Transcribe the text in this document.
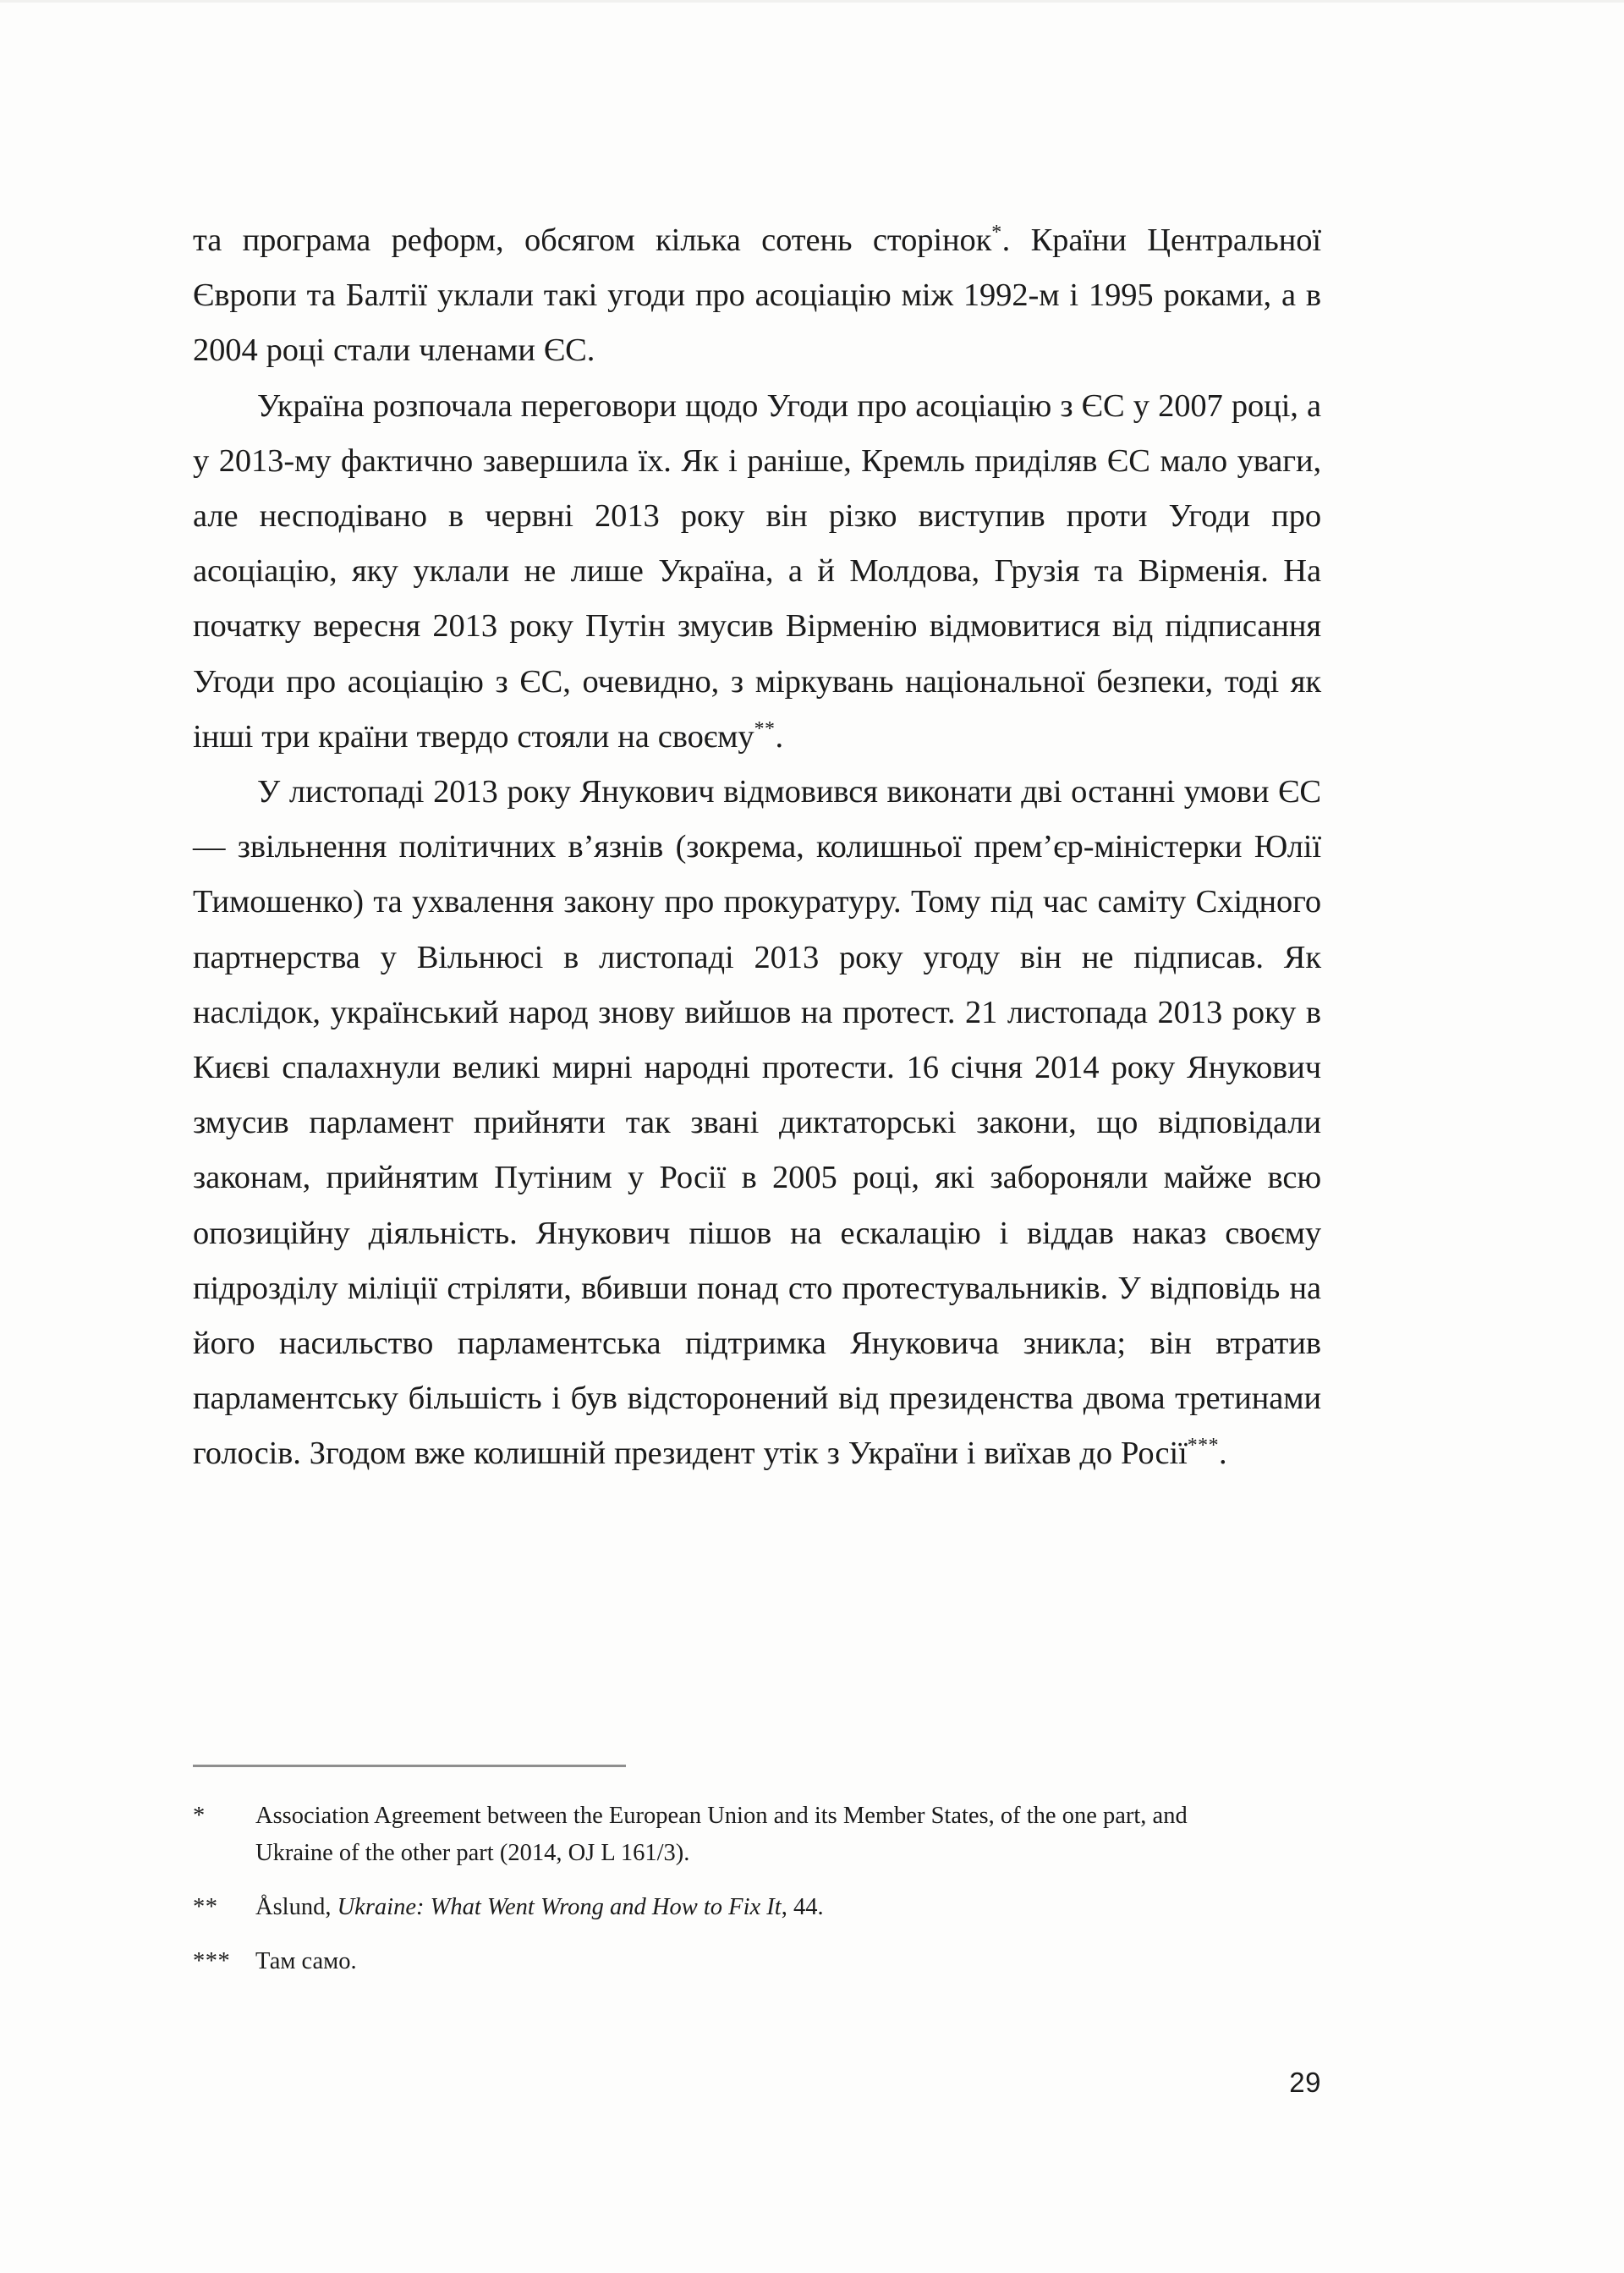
та програма реформ, обсягом кілька сотень сторінок*. Країни Центральної Європи та Балтії уклали такі угоди про асоціацію між 1992-м і 1995 роками, а в 2004 році стали членами ЄС.

Україна розпочала переговори щодо Угоди про асоціацію з ЄС у 2007 році, а у 2013-му фактично завершила їх. Як і раніше, Кремль приділяв ЄС мало уваги, але несподівано в червні 2013 року він різко виступив проти Угоди про асоціацію, яку уклали не лише Україна, а й Молдова, Грузія та Вірменія. На початку вересня 2013 року Путін змусив Вірменію відмовитися від підписання Угоди про асоціацію з ЄС, очевидно, з міркувань національної безпеки, тоді як інші три країни твердо стояли на своєму**.

У листопаді 2013 року Янукович відмовився виконати дві останні умови ЄС — звільнення політичних в’язнів (зокрема, колишньої прем’єр-міністерки Юлії Тимошенко) та ухвалення закону про прокуратуру. Тому під час саміту Східного партнерства у Вільнюсі в листопаді 2013 року угоду він не підписав. Як наслідок, український народ знову вийшов на протест. 21 листопада 2013 року в Києві спалахнули великі мирні народні протести. 16 січня 2014 року Янукович змусив парламент прийняти так звані диктаторські закони, що відповідали законам, прийнятим Путіним у Росії в 2005 році, які забороняли майже всю опозиційну діяльність. Янукович пішов на ескалацію і віддав наказ своєму підрозділу міліції стріляти, вбивши понад сто протестувальників. У відповідь на його насильство парламентська підтримка Януковича зникла; він втратив парламентську більшість і був відсторонений від президенства двома третинами голосів. Згодом вже колишній президент утік з України і виїхав до Росії***.

*	Association Agreement between the European Union and its Member States, of the one part, and Ukraine of the other part (2014, OJ L 161/3).
**	Åslund, Ukraine: What Went Wrong and How to Fix It, 44.
***	Там само.
29
